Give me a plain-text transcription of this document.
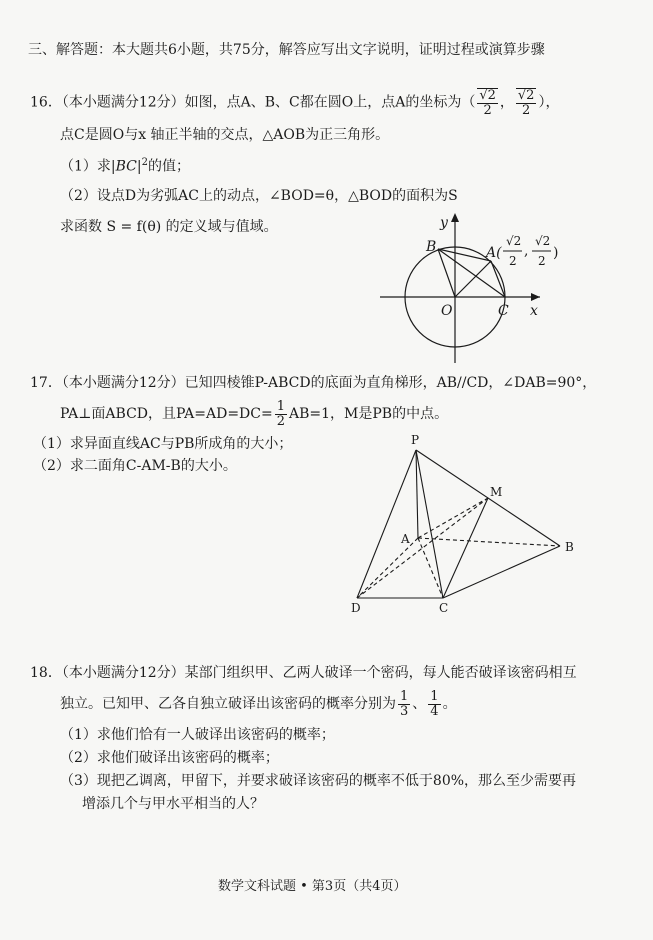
三、解答题：本大题共6小题，共75分，解答应写出文字说明，证明过程或演算步骤
16．（本小题满分12分）如图，点A、B、C都在圆O上，点A的坐标为（ $\frac{√2}{2}$ ， $\frac{√2}{2}$ ），
点C是圆O与x 轴正半轴的交点，△AOB为正三角形。
（1）求$|BC|^2$的值；
（2）设点D为劣弧AC上的动点，∠BOD=θ，△BOD的面积为S
求函数 S = f(θ) 的定义域与值域。	y
x
O
B
C
A(
√2
2
,
√2
2 )
17．（本小题满分12分）已知四棱锥P-ABCD的底面为直角梯形，AB//CD，∠DAB=90°，
PA⊥面ABCD，且$PA=AD=DC= \frac{1}{2} AB=1$，M是PB的中点。
（1）求异面直线AC与PB所成角的大小；
（2）求二面角C-AM-B的大小。
P
M
A
B
D	C
18．（本小题满分12分）某部门组织甲、乙两人破译一个密码，每人能否破译该密码相互
独立。已知甲、乙各自独立破译出该密码的概率分别为 $\frac{1}{3}$ 、 $\frac{1}{4}$ 。
（1）求他们恰有一人破译出该密码的概率；
（2）求他们破译出该密码的概率；
（3）现把乙调离，甲留下，并要求破译该密码的概率不低于80%，那么至少需要再
增添几个与甲水平相当的人？
数学文科试题 • 第3页（共4页）
